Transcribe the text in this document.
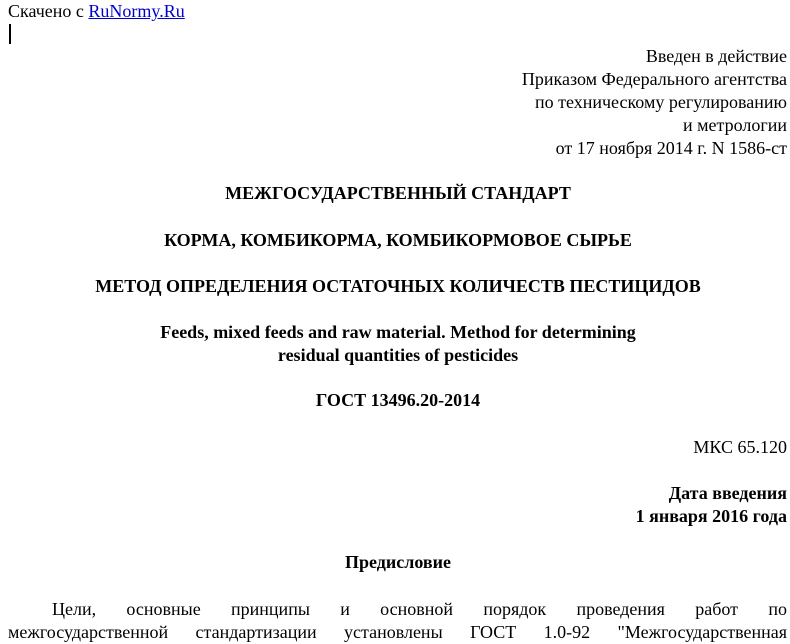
Скачено с RuNormy.Ru
Введен в действие
Приказом Федерального агентства
по техническому регулированию
и метрологии
от 17 ноября 2014 г. N 1586-ст
МЕЖГОСУДАРСТВЕННЫЙ СТАНДАРТ
КОРМА, КОМБИКОРМА, КОМБИКОРМОВОЕ СЫРЬЕ
МЕТОД ОПРЕДЕЛЕНИЯ ОСТАТОЧНЫХ КОЛИЧЕСТВ ПЕСТИЦИДОВ
Feeds, mixed feeds and raw material. Method for determining
residual quantities of pesticides
ГОСТ 13496.20-2014
МКС 65.120
Дата введения
1 января 2016 года
Предисловие
Цели, основные принципы и основной порядок проведения работ по
межгосударственной стандартизации установлены ГОСТ 1.0-92 "Межгосударственная
